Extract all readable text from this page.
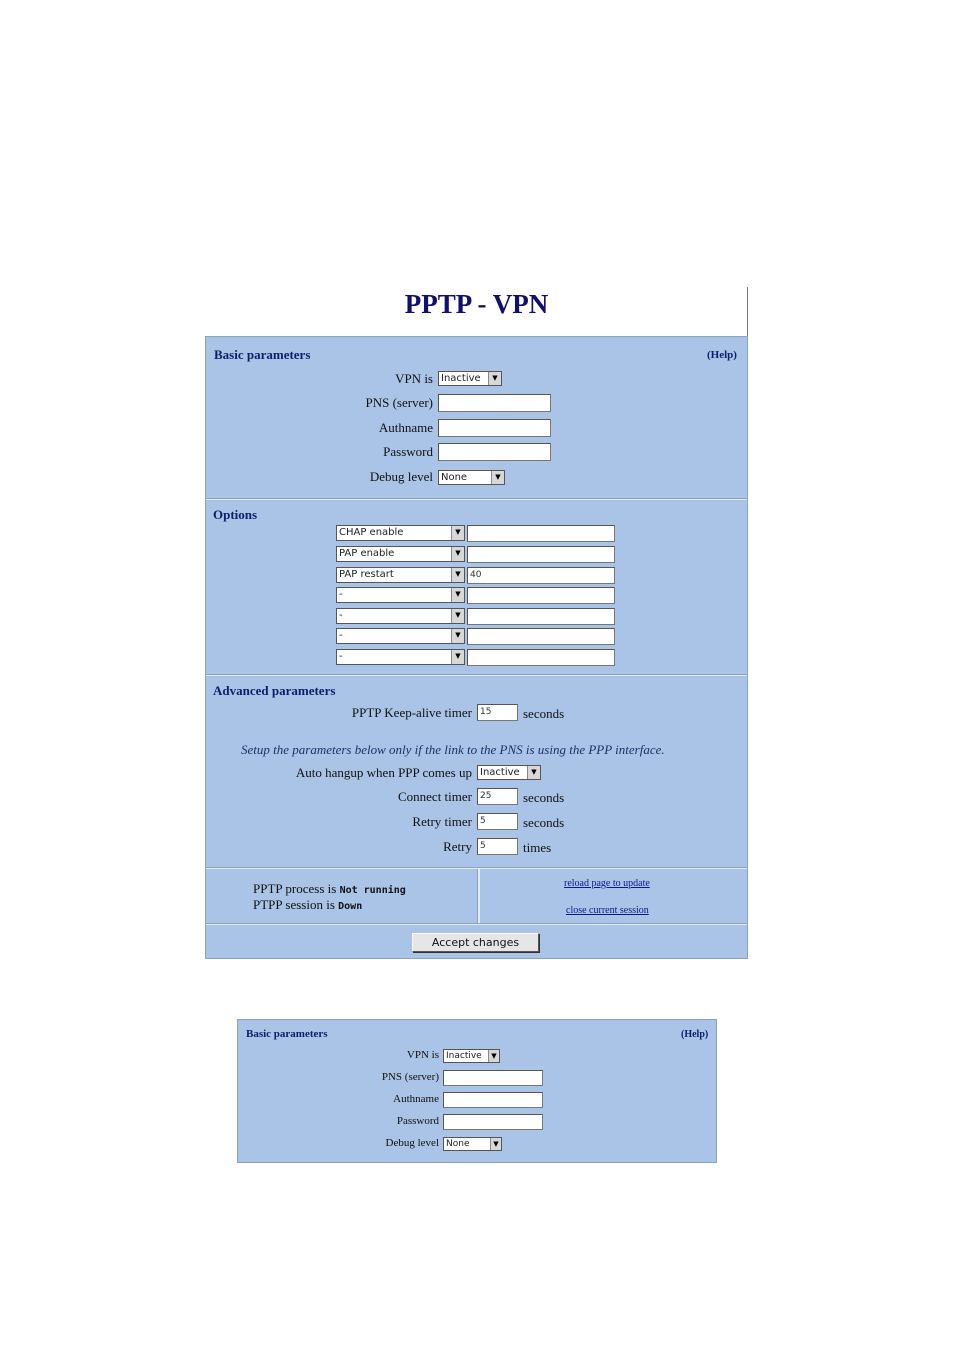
PPTP - VPN
Basic parameters	(Help)
VPN is Inactive	▼
PNS (server)
Authname
Password
Debug level None	▼
Options
CHAP enable	▼
PAP enable	▼
PAP restart	▼	40
-	▼
-	▼
-	▼
-	▼
Advanced parameters
PPTP Keep-alive timer 15	seconds
Setup the parameters below only if the link to the PNS is using the PPP interface.
Auto hangup when PPP comes up Inactive	▼
Connect timer 25	seconds
Retry timer 5	seconds
Retry 5	times
PPTP process is Not running
PTPP session is Down
reload page to update
close current session
Accept changes
Basic parameters	(Help)
VPN is Inactive	▼
PNS (server)
Authname
Password
Debug level None	▼
